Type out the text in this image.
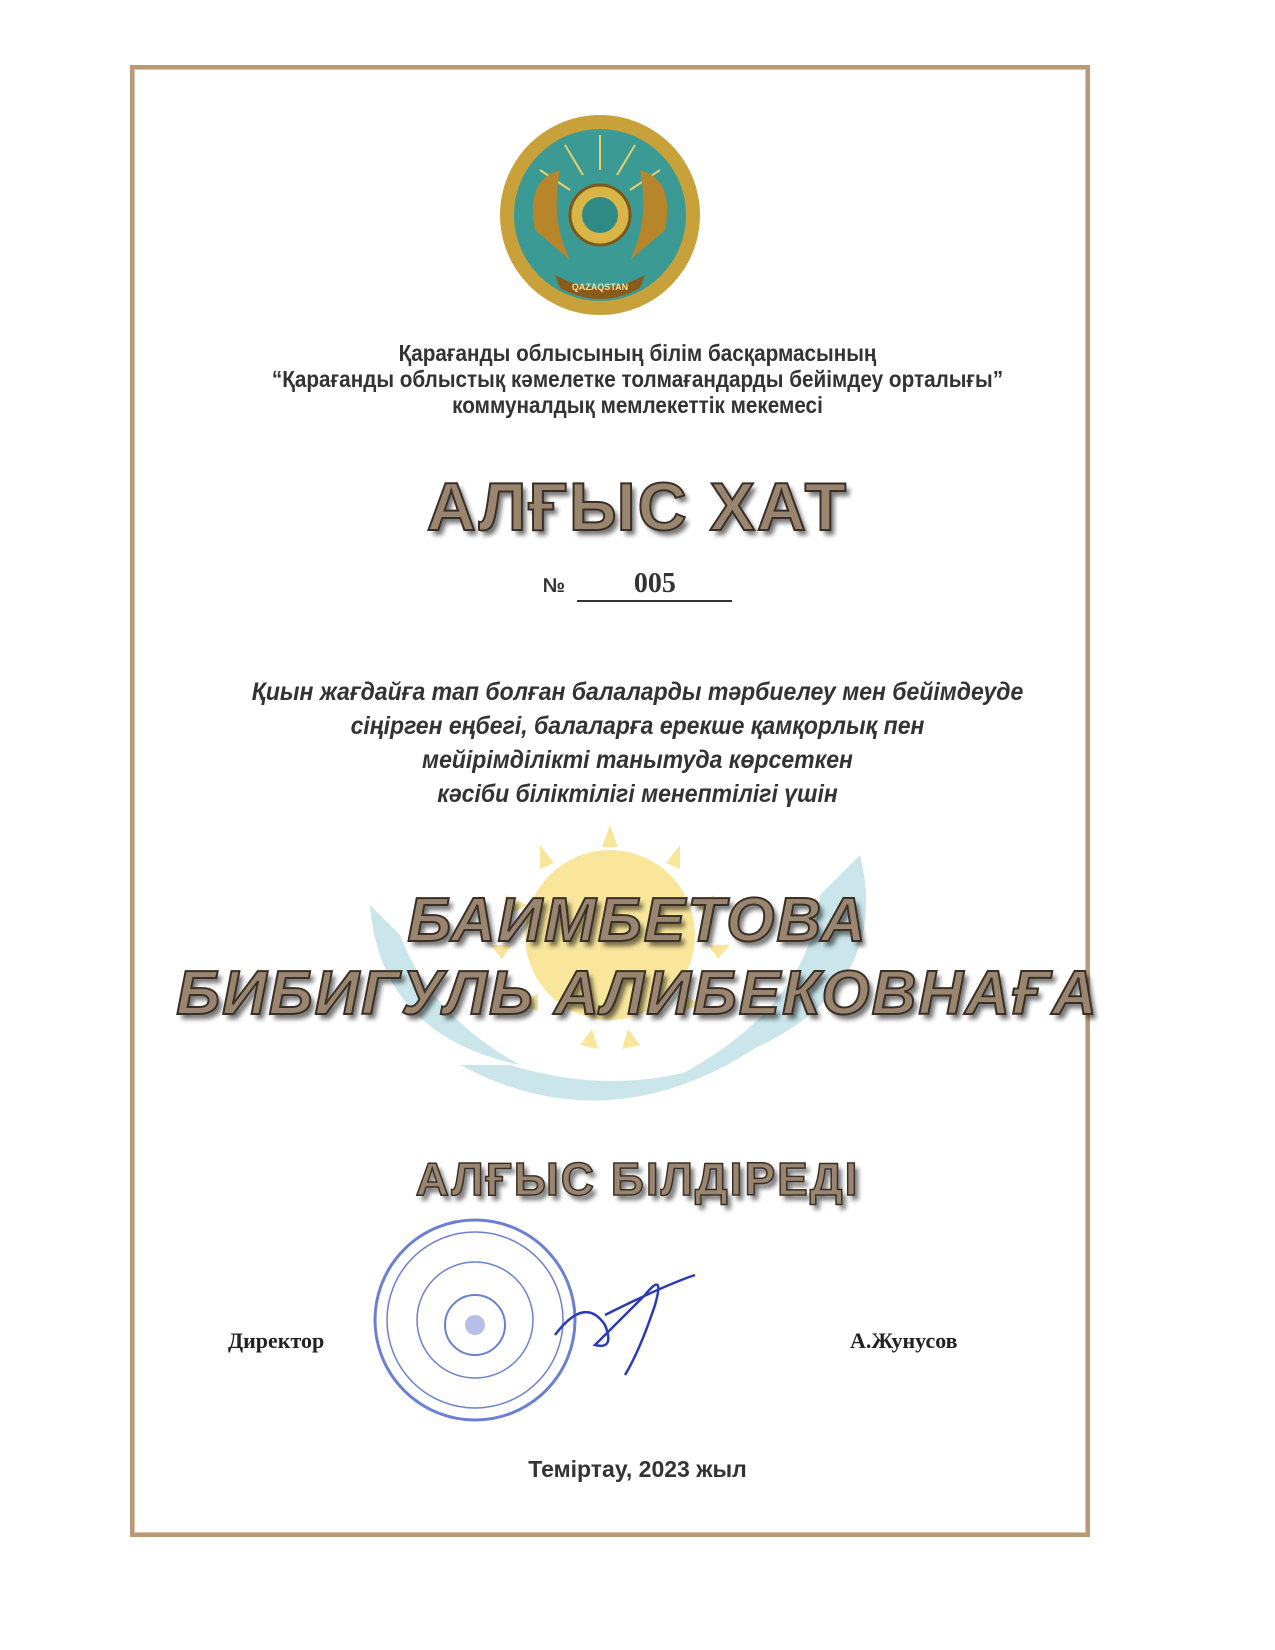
QAZAQSTAN
Қарағанды облысының білім басқармасының
“Қарағанды облыстық кәмелетке толмағандарды бейімдеу орталығы”
коммуналдық мемлекеттік мекемесі
АЛҒЫС ХАТ
№ 005
Қиын жағдайға тап болған балаларды тәрбиелеу мен бейімдеуде
сіңірген еңбегі, балаларға ерекше қамқорлық пен
мейірімділікті танытуда көрсеткен
кәсіби біліктілігі менептілігі үшін
БАИМБЕТОВА
БИБИГУЛЬ АЛИБЕКОВНАҒА
АЛҒЫС БІЛДІРЕДІ
Директор	А.Жунусов
Теміртау, 2023 жыл
